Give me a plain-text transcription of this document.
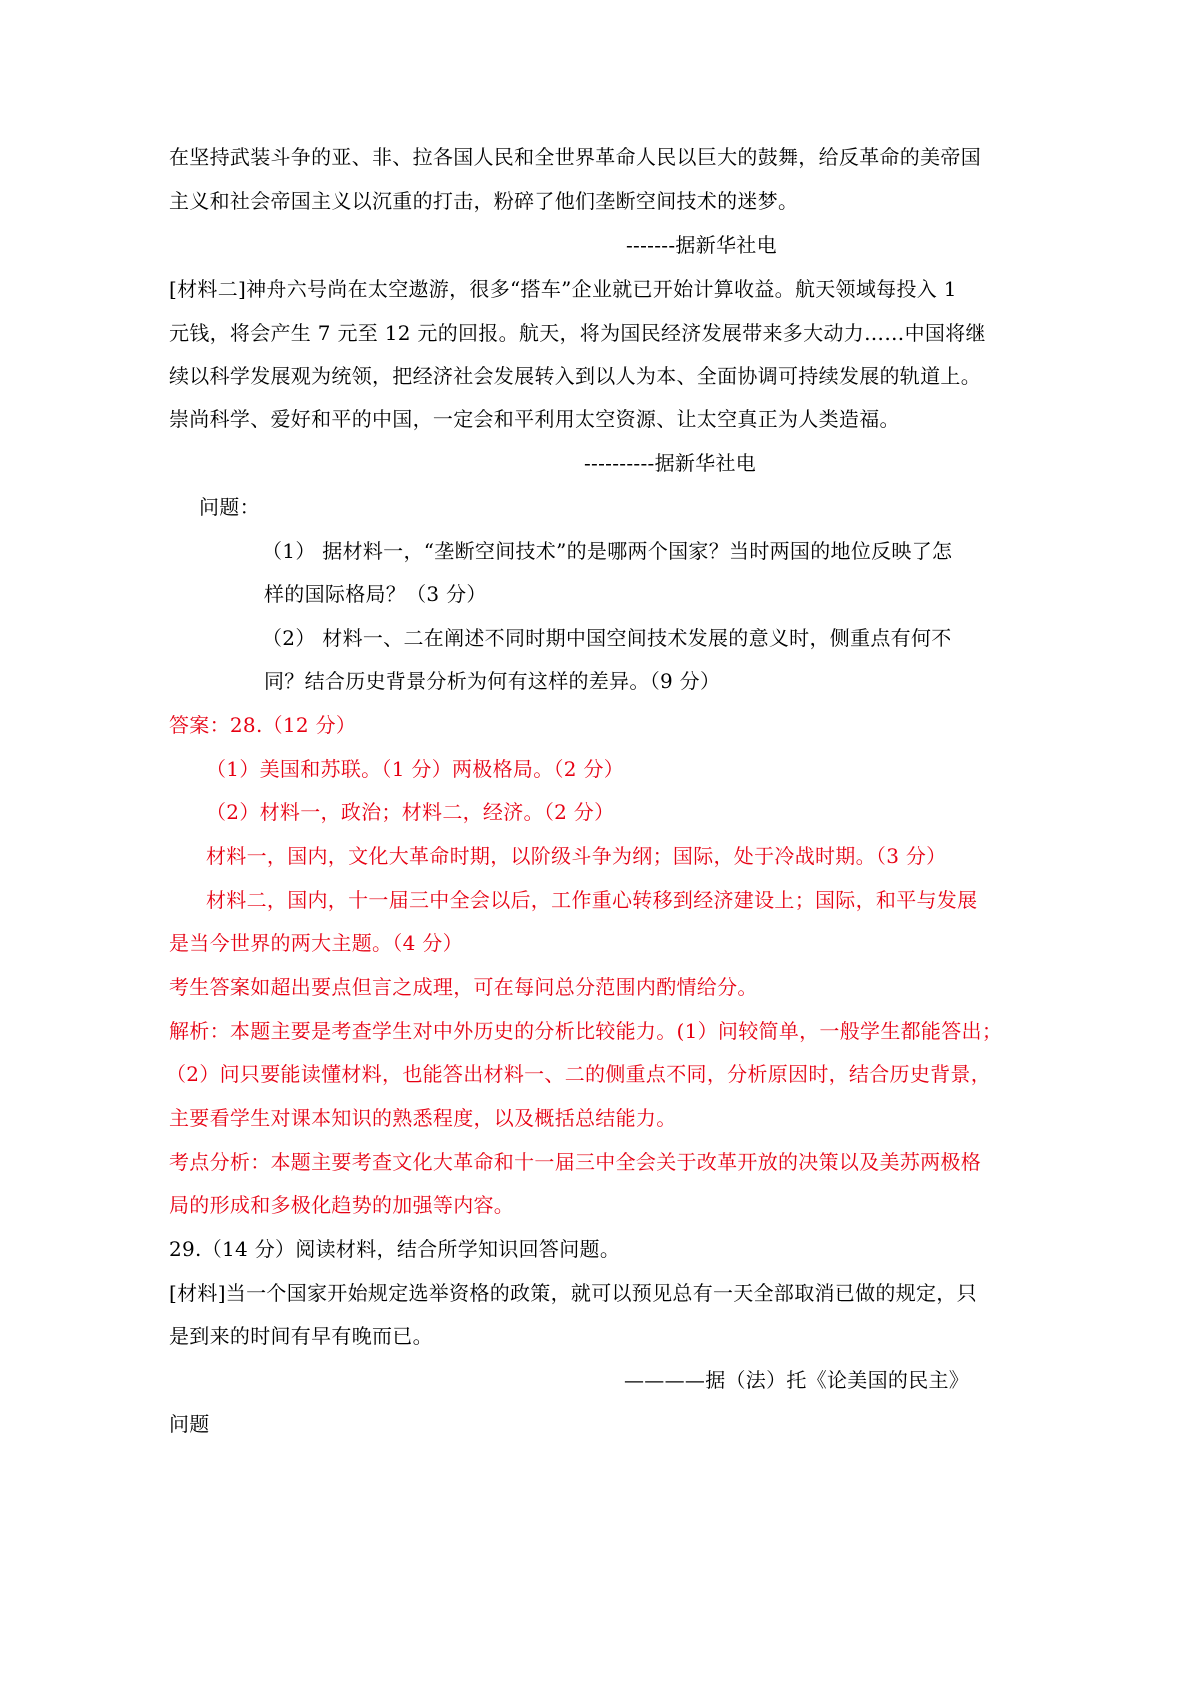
在坚持武装斗争的亚、非、拉各国人民和全世界革命人民以巨大的鼓舞，给反革命的美帝国
主义和社会帝国主义以沉重的打击，粉碎了他们垄断空间技术的迷梦。
-------据新华社电
[材料二]神舟六号尚在太空遨游，很多“搭车”企业就已开始计算收益。航天领域每投入 1
元钱，将会产生 7 元至 12 元的回报。航天，将为国民经济发展带来多大动力……中国将继
续以科学发展观为统领，把经济社会发展转入到以人为本、全面协调可持续发展的轨道上。
崇尚科学、爱好和平的中国，一定会和平利用太空资源、让太空真正为人类造福。
----------据新华社电
问题：
（1） 据材料一，“垄断空间技术”的是哪两个国家？当时两国的地位反映了怎
样的国际格局？（3 分）
（2） 材料一、二在阐述不同时期中国空间技术发展的意义时，侧重点有何不
同？结合历史背景分析为何有这样的差异。（9 分）
答案：28.（12 分）
（1）美国和苏联。（1 分）两极格局。（2 分）
（2）材料一，政治；材料二，经济。（2 分）
材料一，国内，文化大革命时期，以阶级斗争为纲；国际，处于冷战时期。（3 分）
材料二，国内，十一届三中全会以后，工作重心转移到经济建设上；国际，和平与发展
是当今世界的两大主题。（4 分）
考生答案如超出要点但言之成理，可在每问总分范围内酌情给分。
解析：本题主要是考查学生对中外历史的分析比较能力。(1）问较简单，一般学生都能答出；
（2）问只要能读懂材料，也能答出材料一、二的侧重点不同，分析原因时，结合历史背景，
主要看学生对课本知识的熟悉程度，以及概括总结能力。
考点分析：本题主要考查文化大革命和十一届三中全会关于改革开放的决策以及美苏两极格
局的形成和多极化趋势的加强等内容。
29.（14 分）阅读材料，结合所学知识回答问题。
[材料]当一个国家开始规定选举资格的政策，就可以预见总有一天全部取消已做的规定，只
是到来的时间有早有晚而已。
————据（法）托《论美国的民主》
问题
